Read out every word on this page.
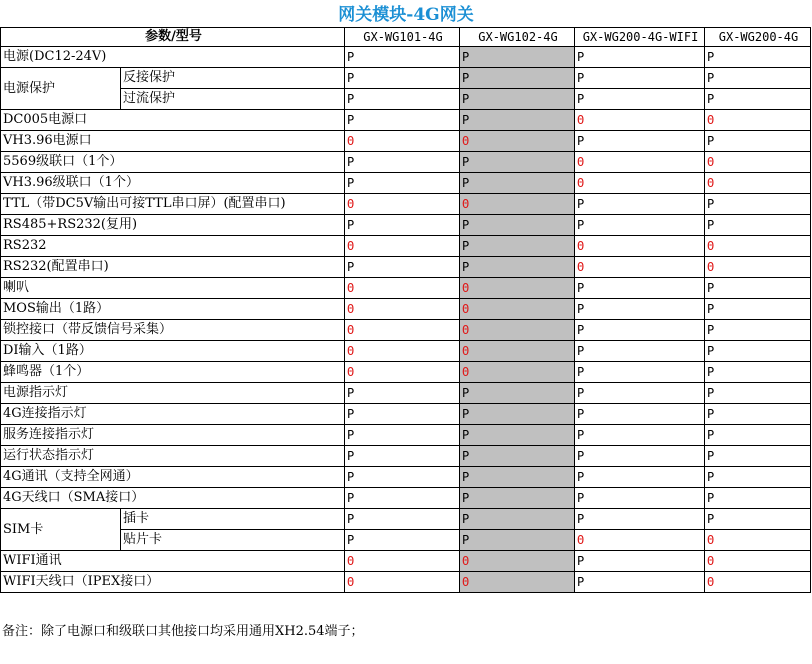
网关模块-4G网关
参数/型号		GX-WG101-4G	GX-WG102-4G	GX-WG200-4G-WIFI	GX-WG200-4G
电源(DC12-24V)		P	P	P	P
电源保护	反接保护	P	P	P	P
	过流保护	P	P	P	P
DC005电源口		P	P	Θ	Θ
VH3.96电源口		Θ	Θ	P	P
5569级联口（1个）		P	P	Θ	Θ
VH3.96级联口（1个）		P	P	Θ	Θ
TTL（带DC5V输出可接TTL串口屏）(配置串口)		Θ	Θ	P	P
RS485+RS232(复用)		P	P	P	P
RS232		Θ	P	Θ	Θ
RS232(配置串口)		P	P	Θ	Θ
喇叭		Θ	Θ	P	P
MOS输出（1路）		Θ	Θ	P	P
锁控接口（带反馈信号采集）		Θ	Θ	P	P
DI输入（1路）		Θ	Θ	P	P
蜂鸣器（1个）		Θ	Θ	P	P
电源指示灯		P	P	P	P
4G连接指示灯		P	P	P	P
服务连接指示灯		P	P	P	P
运行状态指示灯		P	P	P	P
4G通讯（支持全网通）		P	P	P	P
4G天线口（SMA接口）		P	P	P	P
SIM卡	插卡	P	P	P	P
	贴片卡	P	P	Θ	Θ
WIFI通讯		Θ	Θ	P	Θ
WIFI天线口（IPEX接口）		Θ	Θ	P	Θ
备注：除了电源口和级联口其他接口均采用通用XH2.54端子；
